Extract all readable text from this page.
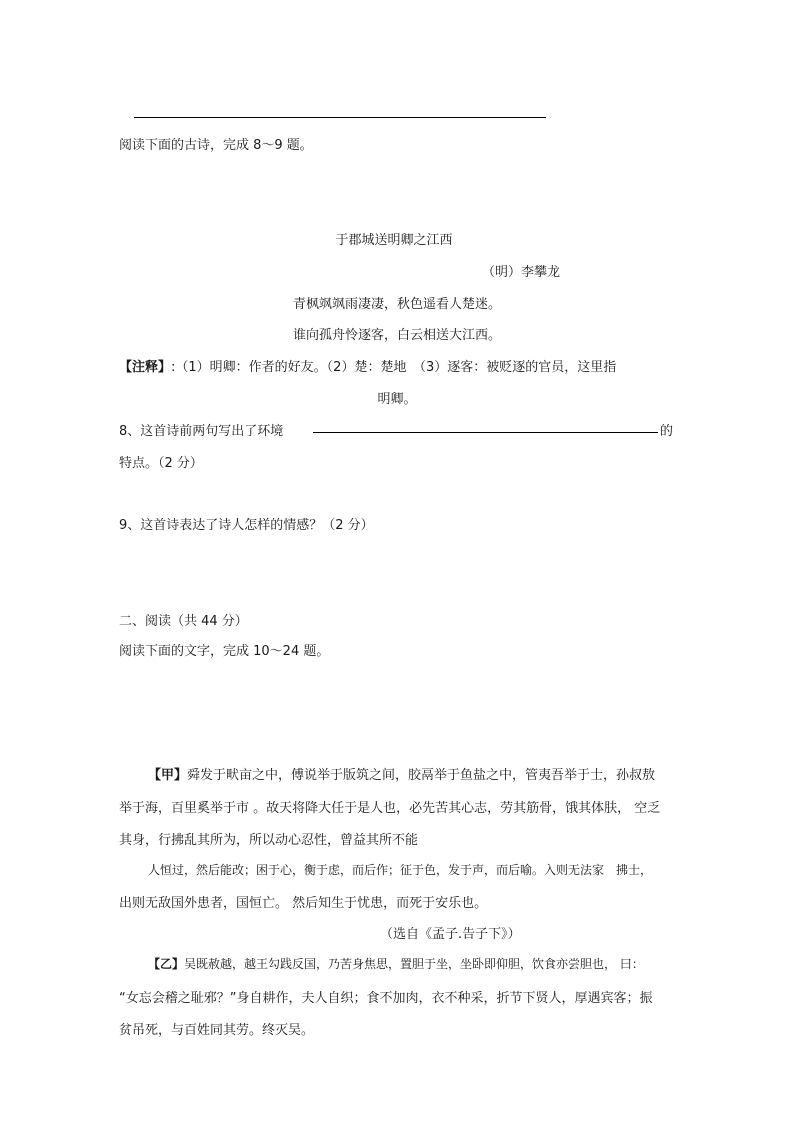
阅读下面的古诗，完成 8～9 题。
于郡城送明卿之江西
（明）李攀龙
青枫飒飒雨凄凄，秋色遥看人楚迷。
谁向孤舟怜逐客，白云相送大江西。
【注释】:（1）明卿：作者的好友。（2）楚：楚地　（3）逐客：被贬逐的官员，这里指
明卿。
8、这首诗前两句写出了环境	的
特点。（2 分）
9、这首诗表达了诗人怎样的情感？（2 分）
二、阅读（共 44 分）
阅读下面的文字，完成 10～24 题。
【甲】舜发于畎亩之中，傅说举于版筑之间，胶鬲举于鱼盐之中，管夷吾举于士，孙叔敖
举于海，百里奚举于市 。故天将降大任于是人也，必先苦其心志，劳其筋骨，饿其体肤， 空乏
其身，行拂乱其所为，所以动心忍性，曾益其所不能
人恒过，然后能改；困于心，衡于虑，而后作；征于色，发于声，而后喻。入则无法家　拂士，
出则无敌国外患者，国恒亡。 然后知生于忧患，而死于安乐也。
（选自《孟子.告子下》）
【乙】吴既赦越，越王勾践反国，乃苦身焦思，置胆于坐，坐卧即仰胆，饮食亦尝胆也， 曰：
“女忘会稽之耻邪？”身自耕作，夫人自织；食不加肉，衣不种采，折节下贤人，厚遇宾客；振
贫吊死，与百姓同其劳。终灭吴。
